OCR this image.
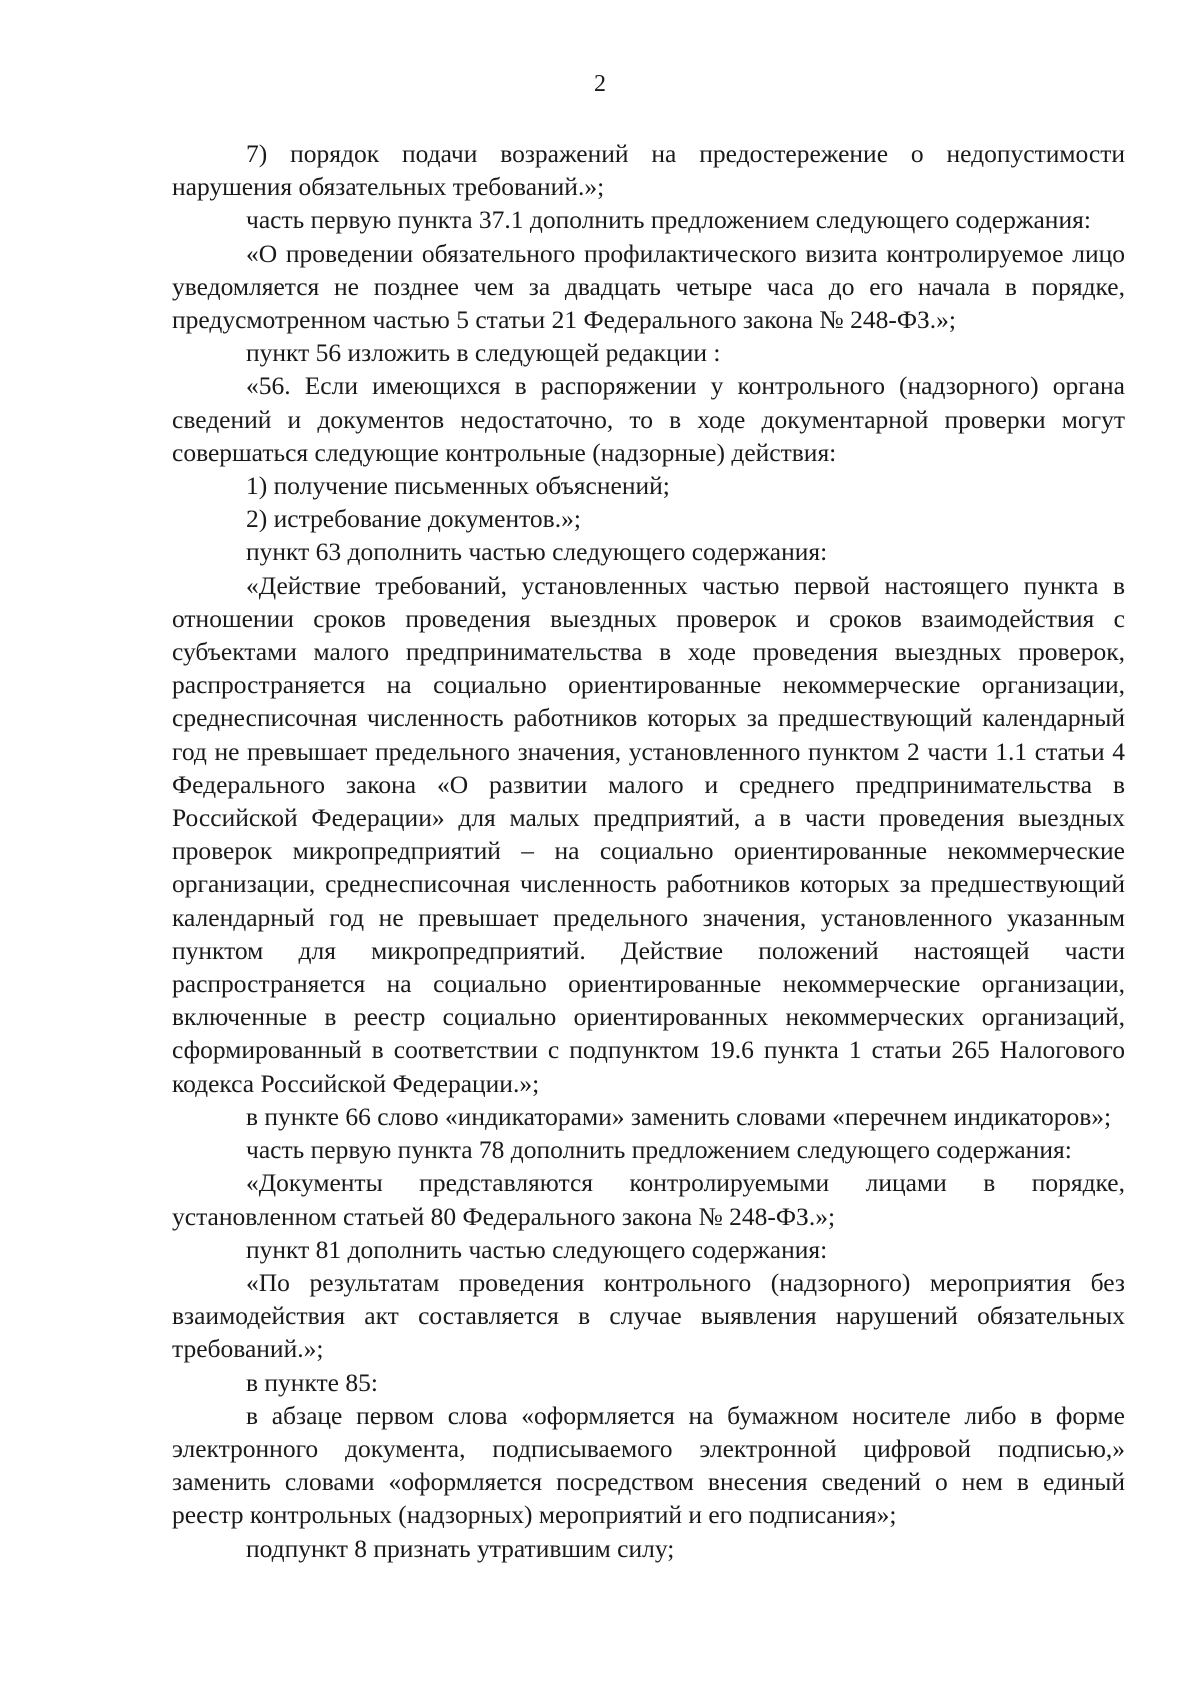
2

7) порядок подачи возражений на предостережение о недопустимости нарушения обязательных требований.»;

часть первую пункта 37.1 дополнить предложением следующего содержания:

«О проведении обязательного профилактического визита контролируемое лицо уведомляется не позднее чем за двадцать четыре часа до его начала в порядке, предусмотренном частью 5 статьи 21 Федерального закона № 248-ФЗ.»;

пункт 56 изложить в следующей редакции :

«56. Если имеющихся в распоряжении у контрольного (надзорного) органа сведений и документов недостаточно, то в ходе документарной проверки могут совершаться следующие контрольные (надзорные) действия:

1) получение письменных объяснений;

2) истребование документов.»;

пункт 63 дополнить частью следующего содержания:

«Действие требований, установленных частью первой настоящего пункта в отношении сроков проведения выездных проверок и сроков взаимодействия с субъектами малого предпринимательства в ходе проведения выездных проверок, распространяется на социально ориентированные некоммерческие организации, среднесписочная численность работников которых за предшествующий календарный год не превышает предельного значения, установленного пунктом 2 части 1.1 статьи 4 Федерального закона «О развитии малого и среднего предпринимательства в Российской Федерации» для малых предприятий, а в части проведения выездных проверок микропредприятий – на социально ориентированные некоммерческие организации, среднесписочная численность работников которых за предшествующий календарный год не превышает предельного значения, установленного указанным пунктом для микропредприятий. Действие положений настоящей части распространяется на социально ориентированные некоммерческие организации, включенные в реестр социально ориентированных некоммерческих организаций, сформированный в соответствии с подпунктом 19.6 пункта 1 статьи 265 Налогового кодекса Российской Федерации.»;

в пункте 66 слово «индикаторами» заменить словами «перечнем индикаторов»;

часть первую пункта 78 дополнить предложением следующего содержания:

«Документы представляются контролируемыми лицами в порядке, установленном статьей 80 Федерального закона № 248-ФЗ.»;

пункт 81 дополнить частью следующего содержания:

«По результатам проведения контрольного (надзорного) мероприятия без взаимодействия акт составляется в случае выявления нарушений обязательных требований.»;

в пункте 85:

в абзаце первом слова «оформляется на бумажном носителе либо в форме электронного документа, подписываемого электронной цифровой подписью,» заменить словами «оформляется посредством внесения сведений о нем в единый реестр контрольных (надзорных) мероприятий и его подписания»;

подпункт 8 признать утратившим силу;
